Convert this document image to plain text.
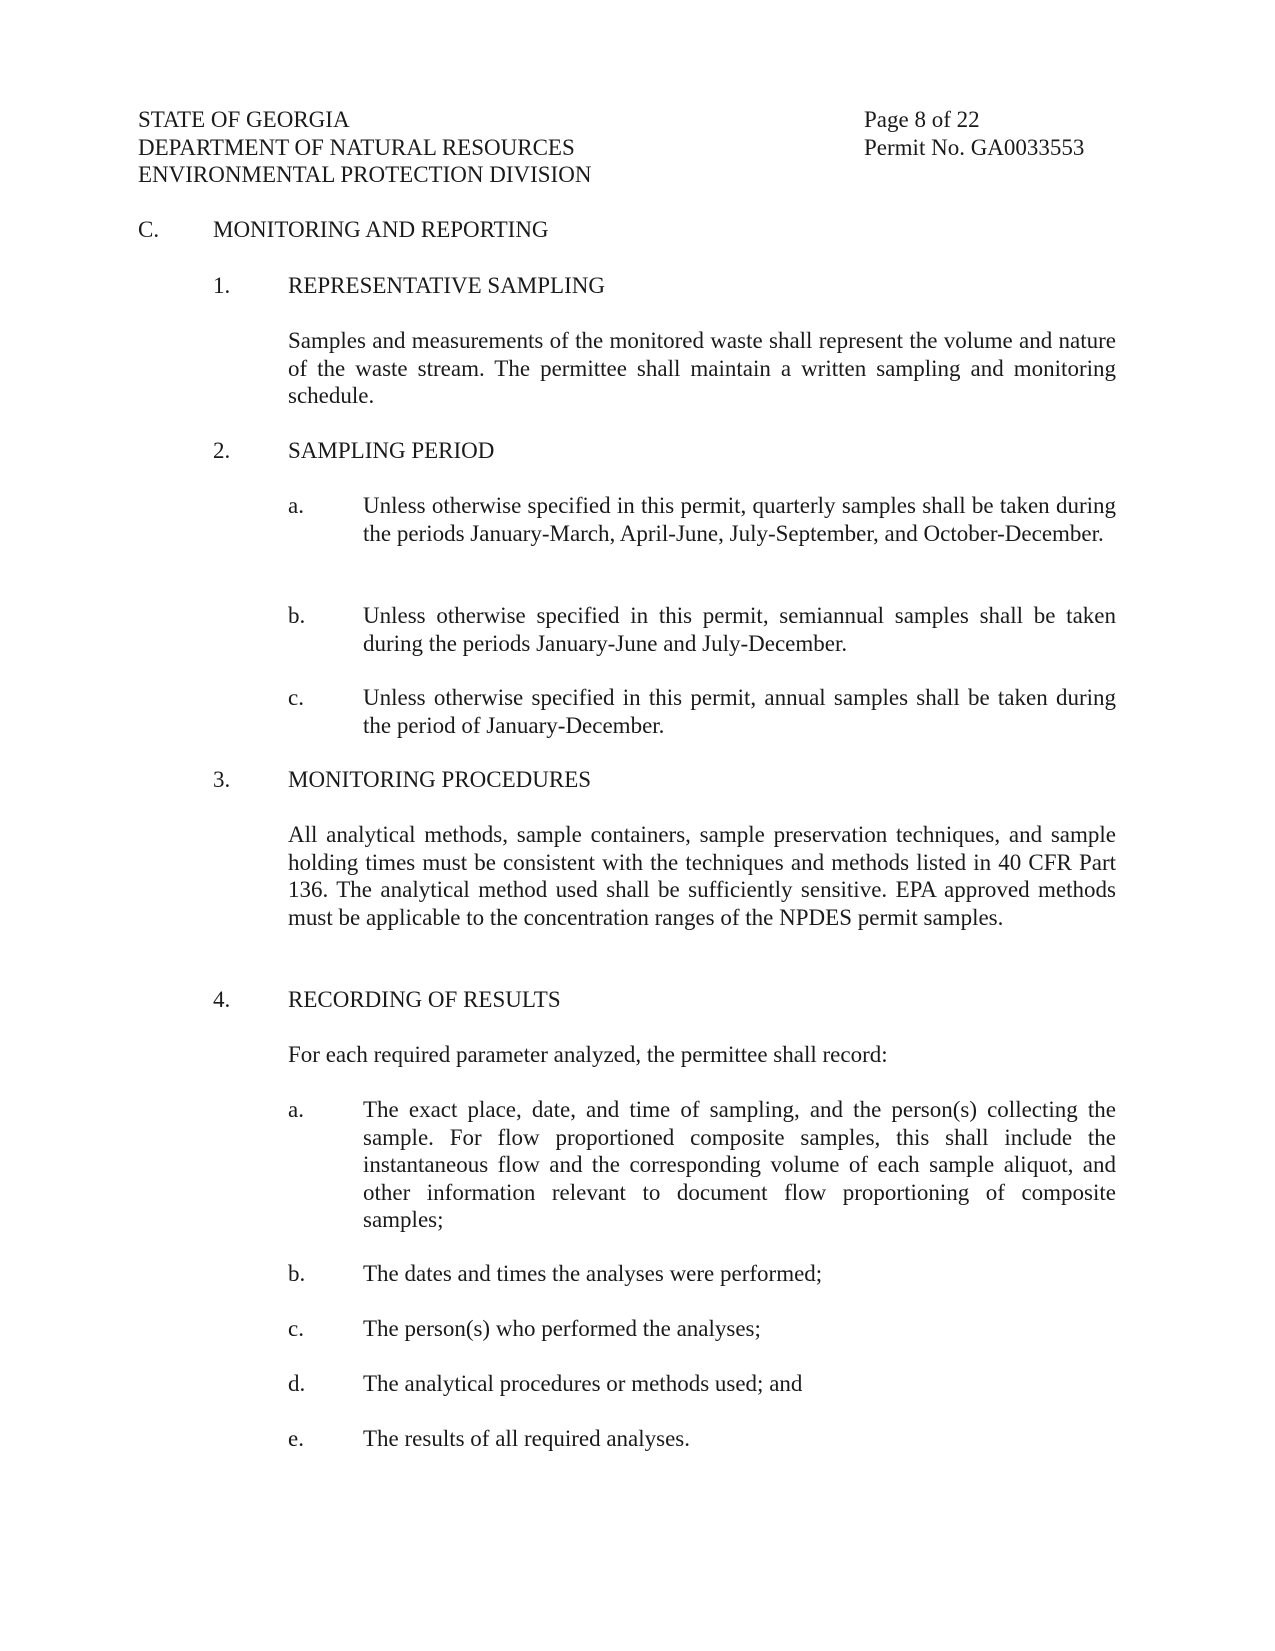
STATE OF GEORGIA
DEPARTMENT OF NATURAL RESOURCES
ENVIRONMENTAL PROTECTION DIVISION
Page 8 of 22
Permit No. GA0033553
C. MONITORING AND REPORTING
1.	REPRESENTATIVE SAMPLING
Samples and measurements of the monitored waste shall represent the volume and nature of the waste stream. The permittee shall maintain a written sampling and monitoring schedule.
2.	SAMPLING PERIOD
a.	Unless otherwise specified in this permit, quarterly samples shall be taken during the periods January-March, April-June, July-September, and October-December.
b.	Unless otherwise specified in this permit, semiannual samples shall be taken during the periods January-June and July-December.
c.	Unless otherwise specified in this permit, annual samples shall be taken during the period of January-December.
3.	MONITORING PROCEDURES
All analytical methods, sample containers, sample preservation techniques, and sample holding times must be consistent with the techniques and methods listed in 40 CFR Part 136. The analytical method used shall be sufficiently sensitive. EPA approved methods must be applicable to the concentration ranges of the NPDES permit samples.
4.	RECORDING OF RESULTS
For each required parameter analyzed, the permittee shall record:
a.	The exact place, date, and time of sampling, and the person(s) collecting the sample. For flow proportioned composite samples, this shall include the instantaneous flow and the corresponding volume of each sample aliquot, and other information relevant to document flow proportioning of composite samples;
b.	The dates and times the analyses were performed;
c.	The person(s) who performed the analyses;
d.	The analytical procedures or methods used; and
e.	The results of all required analyses.
